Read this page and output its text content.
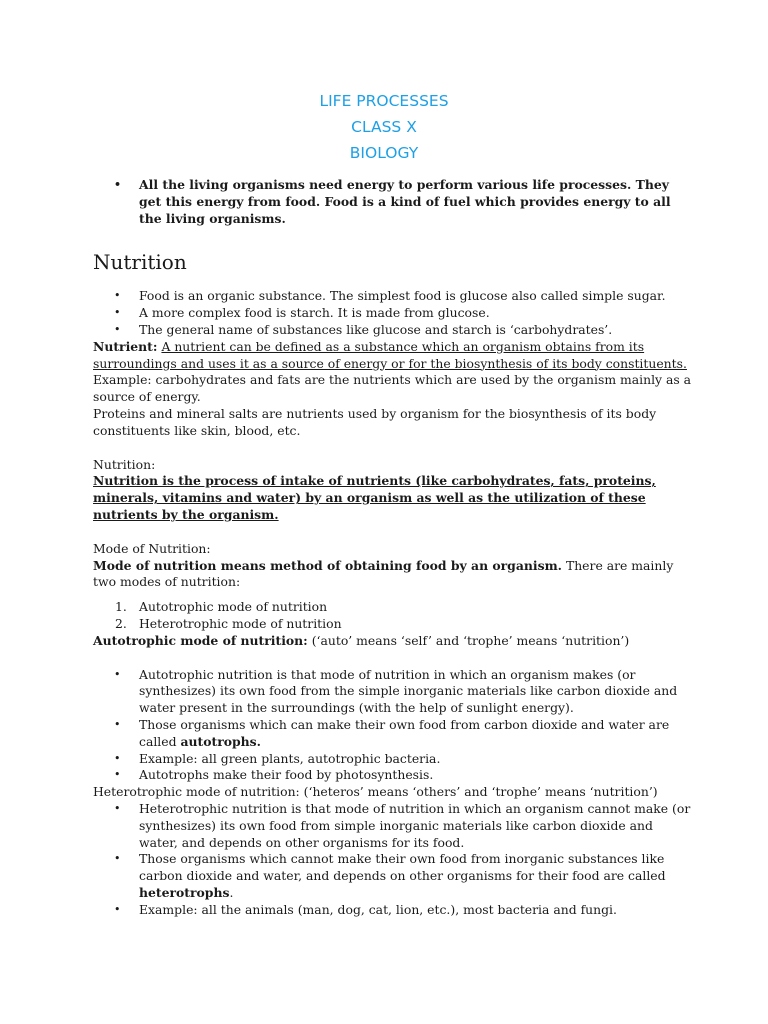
LIFE PROCESSES
CLASS X
BIOLOGY
• All the living organisms need energy to perform various life processes. They get this energy from food. Food is a kind of fuel which provides energy to all the living organisms.
Nutrition
• Food is an organic substance. The simplest food is glucose also called simple sugar.
• A more complex food is starch. It is made from glucose.
• The general name of substances like glucose and starch is ‘carbohydrates’.

Nutrient: A nutrient can be defined as a substance which an organism obtains from its surroundings and uses it as a source of energy or for the biosynthesis of its body constituents.

Example: carbohydrates and fats are the nutrients which are used by the organism mainly as a source of energy.

Proteins and mineral salts are nutrients used by organism for the biosynthesis of its body constituents like skin, blood, etc.

Nutrition:

Nutrition is the process of intake of nutrients (like carbohydrates, fats, proteins, minerals, vitamins and water) by an organism as well as the utilization of these nutrients by the organism.

Mode of Nutrition:

Mode of nutrition means method of obtaining food by an organism. There are mainly two modes of nutrition:

1. Autotrophic mode of nutrition
2. Heterotrophic mode of nutrition

Autotrophic mode of nutrition: (‘auto’ means ‘self’ and ‘trophe’ means ‘nutrition’)

• Autotrophic nutrition is that mode of nutrition in which an organism makes (or synthesizes) its own food from the simple inorganic materials like carbon dioxide and water present in the surroundings (with the help of sunlight energy).
• Those organisms which can make their own food from carbon dioxide and water are called autotrophs.
• Example: all green plants, autotrophic bacteria.
• Autotrophs make their food by photosynthesis.

Heterotrophic mode of nutrition: (‘heteros’ means ‘others’ and ‘trophe’ means ‘nutrition’)

• Heterotrophic nutrition is that mode of nutrition in which an organism cannot make (or synthesizes) its own food from simple inorganic materials like carbon dioxide and water, and depends on other organisms for its food.
• Those organisms which cannot make their own food from inorganic substances like carbon dioxide and water, and depends on other organisms for their food are called heterotrophs.
• Example: all the animals (man, dog, cat, lion, etc.), most bacteria and fungi.
